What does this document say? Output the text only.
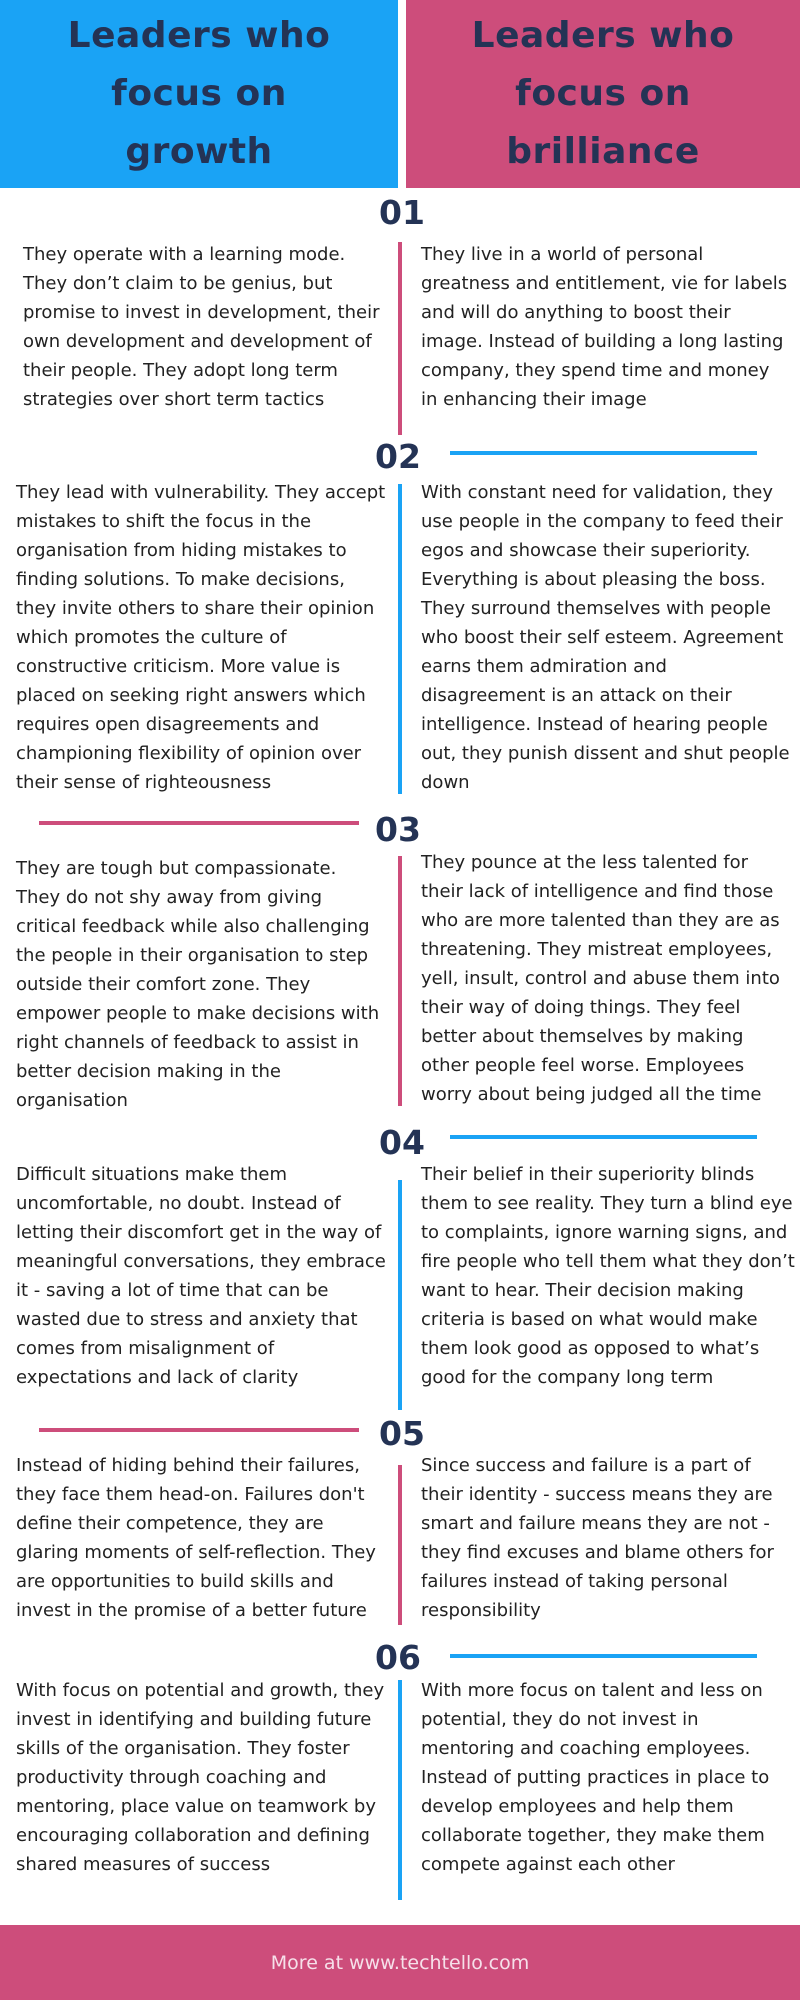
Leaders who focus on growth
Leaders who focus on brilliance
01

They operate with a learning mode. They don’t claim to be genius, but promise to invest in development, their own development and development of their people. They adopt long term strategies over short term tactics

They live in a world of personal greatness and entitlement, vie for labels and will do anything to boost their image. Instead of building a long lasting company, they spend time and money in enhancing their image

02

They lead with vulnerability. They accept mistakes to shift the focus in the organisation from hiding mistakes to finding solutions. To make decisions, they invite others to share their opinion which promotes the culture of constructive criticism. More value is placed on seeking right answers which requires open disagreements and championing flexibility of opinion over their sense of righteousness

With constant need for validation, they use people in the company to feed their egos and showcase their superiority. Everything is about pleasing the boss. They surround themselves with people who boost their self esteem. Agreement earns them admiration and disagreement is an attack on their intelligence. Instead of hearing people out, they punish dissent and shut people down

03

They are tough but compassionate. They do not shy away from giving critical feedback while also challenging the people in their organisation to step outside their comfort zone. They empower people to make decisions with right channels of feedback to assist in better decision making in the organisation

They pounce at the less talented for their lack of intelligence and find those who are more talented than they are as threatening. They mistreat employees, yell, insult, control and abuse them into their way of doing things. They feel better about themselves by making other people feel worse. Employees worry about being judged all the time

04

Difficult situations make them uncomfortable, no doubt. Instead of letting their discomfort get in the way of meaningful conversations, they embrace it - saving a lot of time that can be wasted due to stress and anxiety that comes from misalignment of expectations and lack of clarity

Their belief in their superiority blinds them to see reality. They turn a blind eye to complaints, ignore warning signs, and fire people who tell them what they don’t want to hear. Their decision making criteria is based on what would make them look good as opposed to what’s good for the company long term

05

Instead of hiding behind their failures, they face them head-on. Failures don't define their competence, they are glaring moments of self-reflection. They are opportunities to build skills and invest in the promise of a better future

Since success and failure is a part of their identity - success means they are smart and failure means they are not - they find excuses and blame others for failures instead of taking personal responsibility

06

With focus on potential and growth, they invest in identifying and building future skills of the organisation. They foster productivity through coaching and mentoring, place value on teamwork by encouraging collaboration and defining shared measures of success

With more focus on talent and less on potential, they do not invest in mentoring and coaching employees. Instead of putting practices in place to develop employees and help them collaborate together, they make them compete against each other

More at www.techtello.com
